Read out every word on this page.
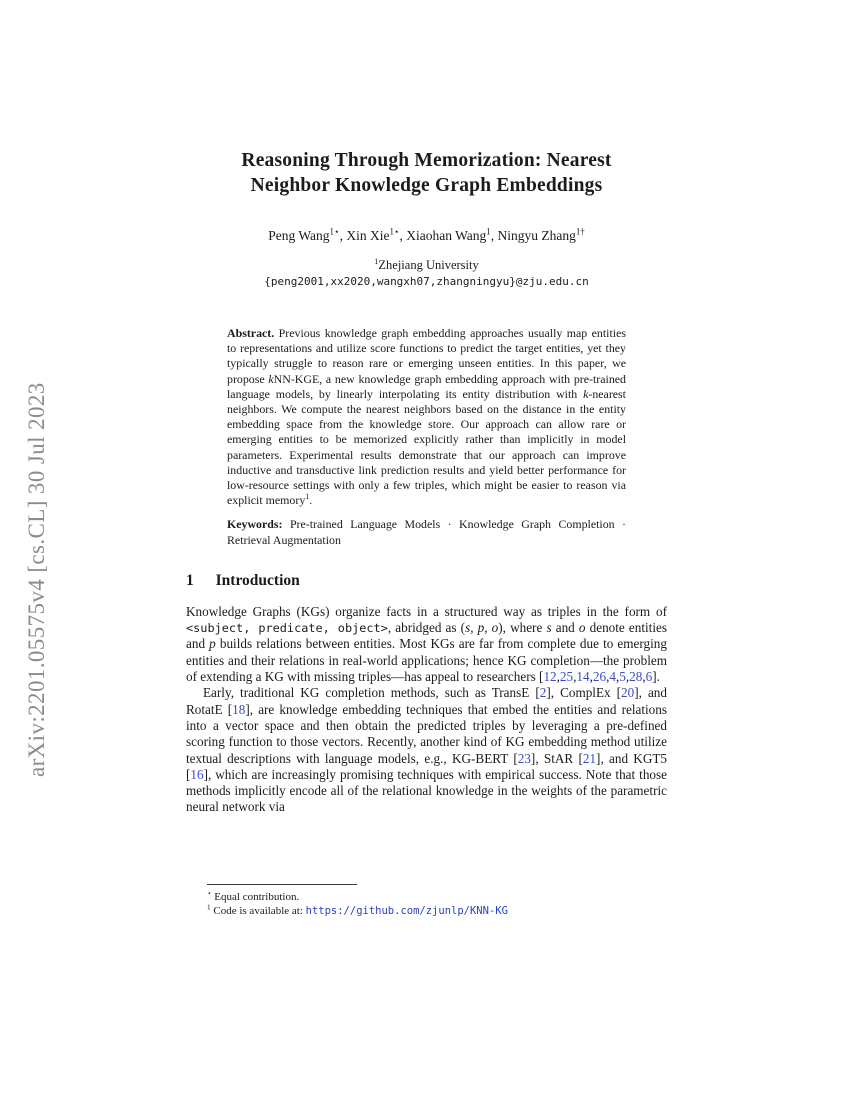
arXiv:2201.05575v4 [cs.CL] 30 Jul 2023
Reasoning Through Memorization: Nearest
Neighbor Knowledge Graph Embeddings
Peng Wang$^{1⋆}$, Xin Xie$^{1⋆}$, Xiaohan Wang$^1$, Ningyu Zhang$^{1\dagger}$
$^1$Zhejiang University
{peng2001,xx2020,wangxh07,zhangningyu}@zju.edu.cn
Abstract. Previous knowledge graph embedding approaches usually map entities to representations and utilize score functions to predict the target entities, yet they typically struggle to reason rare or emerging unseen entities. In this paper, we propose kNN-KGE, a new knowledge graph embedding approach with pre-trained language models, by linearly interpolating its entity distribution with k-nearest neighbors. We compute the nearest neighbors based on the distance in the entity embedding space from the knowledge store. Our approach can allow rare or emerging entities to be memorized explicitly rather than implicitly in model parameters. Experimental results demonstrate that our approach can improve inductive and transductive link prediction results and yield better performance for low-resource settings with only a few triples, which might be easier to reason via explicit memory$^1$.
Keywords: Pre-trained Language Models · Knowledge Graph Completion · Retrieval Augmentation
1 Introduction

Knowledge Graphs (KGs) organize facts in a structured way as triples in the form of <subject, predicate, object>, abridged as (s, p, o), where s and o denote entities and p builds relations between entities. Most KGs are far from complete due to emerging entities and their relations in real-world applications; hence KG completion—the problem of extending a KG with missing triples—has appeal to researchers [12,25,14,26,4,5,28,6].

Early, traditional KG completion methods, such as TransE [2], ComplEx [20], and RotatE [18], are knowledge embedding techniques that embed the entities and relations into a vector space and then obtain the predicted triples by leveraging a pre-defined scoring function to those vectors. Recently, another kind of KG embedding method utilize textual descriptions with language models, e.g., KG-BERT [23], StAR [21], and KGT5 [16], which are increasingly promising techniques with empirical success. Note that those methods implicitly encode all of the relational knowledge in the weights of the parametric neural network via

⋆ Equal contribution.
$^1$ Code is available at: https://github.com/zjunlp/KNN-KG
